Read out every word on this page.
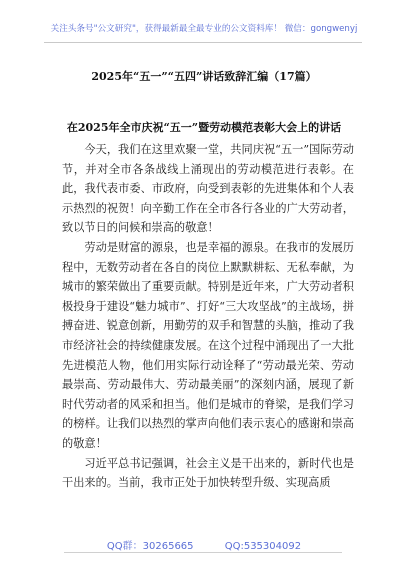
关注头条号"公文研究"，获得最新最全最专业的公文资料库！ 微信：gongwenyj
2025年“五一”“五四”讲话致辞汇编（17篇）
在2025年全市庆祝“五一”暨劳动模范表彰大会上的讲话

今天，我们在这里欢聚一堂，共同庆祝“五一”国际劳动节，并对全市各条战线上涌现出的劳动模范进行表彰。在此，我代表市委、市政府，向受到表彰的先进集体和个人表示热烈的祝贺！向辛勤工作在全市各行各业的广大劳动者，致以节日的问候和崇高的敬意！

劳动是财富的源泉，也是幸福的源泉。在我市的发展历程中，无数劳动者在各自的岗位上默默耕耘、无私奉献，为城市的繁荣做出了重要贡献。特别是近年来，广大劳动者积极投身于建设“魅力城市”、打好“三大攻坚战”的主战场，拼搏奋进、锐意创新，用勤劳的双手和智慧的头脑，推动了我市经济社会的持续健康发展。在这个过程中涌现出了一大批先进模范人物，他们用实际行动诠释了“劳动最光荣、劳动最崇高、劳动最伟大、劳动最美丽”的深刻内涵，展现了新时代劳动者的风采和担当。他们是城市的脊梁，是我们学习的榜样。让我们以热烈的掌声向他们表示衷心的感谢和崇高的敬意！

习近平总书记强调，社会主义是干出来的，新时代也是干出来的。当前，我市正处于加快转型升级、实现高质

QQ群：30265665	QQ:535304092
